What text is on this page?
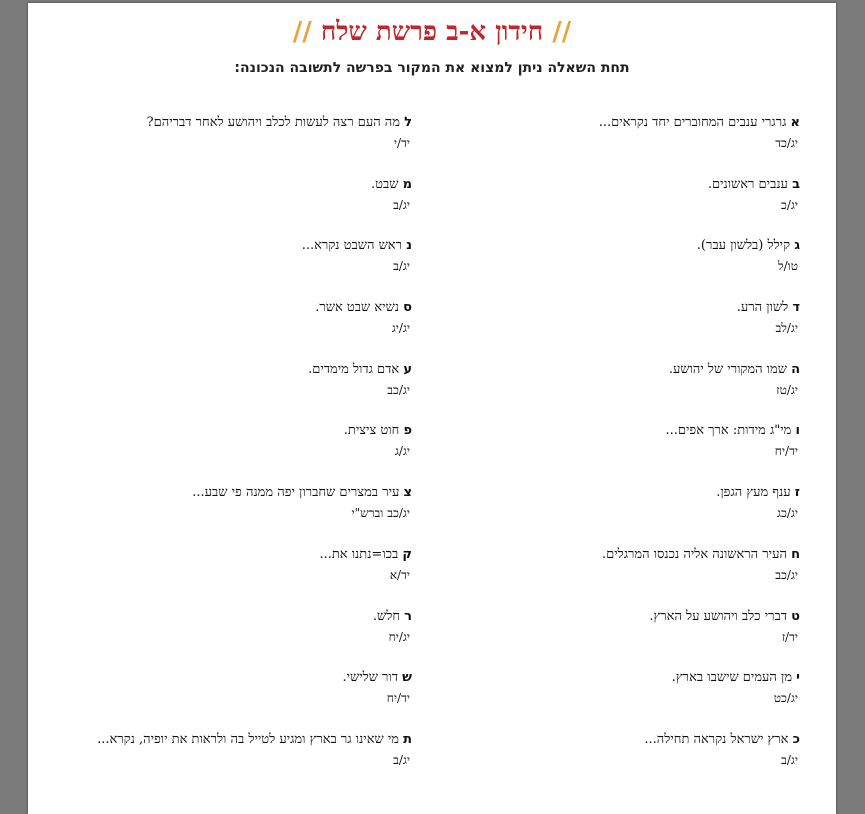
// חידון א-ב פרשת שלח //
תחת השאלה ניתן למצוא את המקור בפרשה לתשובה הנכונה:
א גרגרי ענבים המחוברים יחד נקראים...
יג/כד
ב ענבים ראשונים.
יג/כ
ג קילל (בלשון עבר).
טו/ל
ד לשון הרע.
יג/לב
ה שמו המקורי של יהושע.
יג/טז
ו מי"ג מידות: ארך אפים...
יד/יח
ז ענף מעץ הגפן.
יג/כג
ח העיר הראשונה אליה נכנסו המרגלים.
יג/כב
ט דברי כלב ויהושע על הארץ.
יד/ז
י מן העמים שישבו בארץ.
יג/כט
כ ארץ ישראל נקראה תחילה...
יג/ב
ל מה העם רצה לעשות לכלב ויהושע לאחר דבריהם?
יד/י
מ שבט.
יג/ב
נ ראש השבט נקרא...
יג/ב
ס נשיא שבט אשר.
יג/יג
ע אדם גדול מימדים.
יג/כב
פ חוט ציצית.
יג/ג
צ עיר במצרים שחברון יפה ממנה פי שבע...
יג/כב וברש"י
ק בכו=נתנו את...
יד/א
ר חלש.
יג/יח
ש דור שלישי.
יד/יח
ת מי שאינו גר בארץ ומגיע לטייל בה ולראות את יופיה, נקרא...
יג/ב
